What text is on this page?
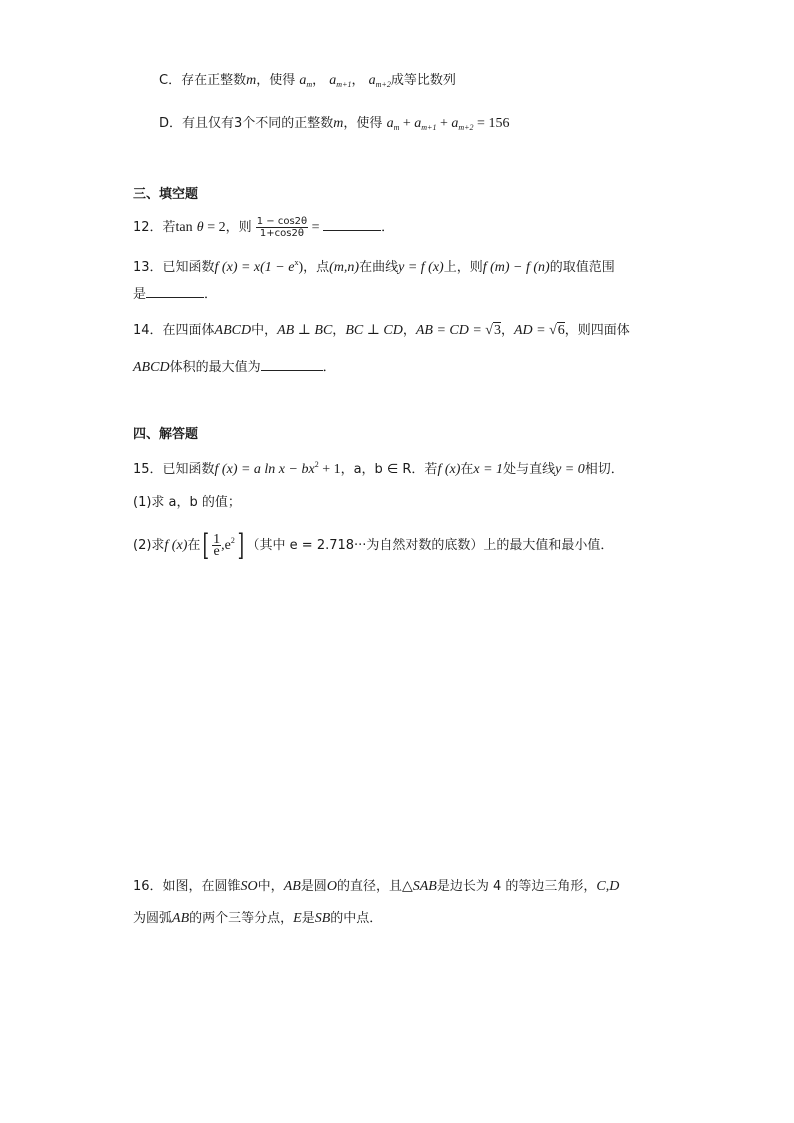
C．存在正整数m，使得 $a_m$， $a_{m+1}$， $a_{m+2}$成等比数列
D．有且仅有3个不同的正整数m，使得 $a_m + a_{m+1} + a_{m+2} = 156$
三、填空题
12．若tan θ = 2，则 $\frac{1 - \cos 2\theta}{1+\cos 2\theta}$ =	．
13．已知函数f $(x) = x(1 - e^x)$，点(m,n)在曲线y = f (x)上，则f (m) − f (n)的取值范围
是	．
14．在四面体ABCD中，AB ⊥ BC，BC ⊥ CD，AB = CD = √3，AD = √6，则四面体
ABCD体积的最大值为	．
四、解答题
15．已知函数f (x) = a $\ln x - bx^2 + 1$，a，b ∈ R．若f (x)在x = 1处与直线y = 0相切．
(1)求 a，b 的值；
(2)求f (x)在[ $\frac{1}{e} ,e^2$] （其中 e = 2.718···为自然对数的底数）上的最大值和最小值．
16．如图，在圆锥SO中，AB是圆O的直径，且△SAB是边长为 4 的等边三角形，C,D
为圆弧AB的两个三等分点，E是SB的中点．
